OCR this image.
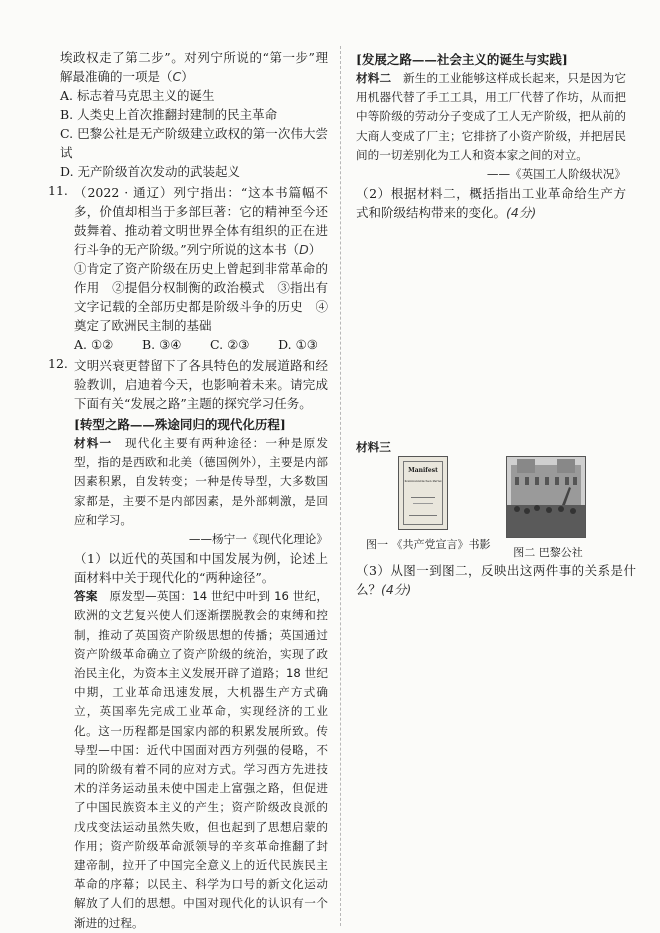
埃政权走了第二步”。对列宁所说的“第一步”理解最准确的一项是（C）

A. 标志着马克思主义的诞生

B. 人类史上首次推翻封建制的民主革命

C. 巴黎公社是无产阶级建立政权的第一次伟大尝试

D. 无产阶级首次发动的武装起义

11. （2022 · 通辽）列宁指出：“这本书篇幅不多，价值却相当于多部巨著：它的精神至今还鼓舞着、推动着文明世界全体有组织的正在进行斗争的无产阶级。”列宁所说的这本书（D）

①肯定了资产阶级在历史上曾起到非常革命的作用　②提倡分权制衡的政治模式　③指出有文字记载的全部历史都是阶级斗争的历史　④奠定了欧洲民主制的基础

A. ①② B. ③④ C. ②③ D. ①③

12. 文明兴衰更替留下了各具特色的发展道路和经验教训，启迪着今天，也影响着未来。请完成下面有关“发展之路”主题的探究学习任务。

[转型之路——殊途同归的现代化历程]

材料一　现代化主要有两种途径：一种是原发型，指的是西欧和北美（德国例外），主要是内部因素积累，自发转变；一种是传导型，大多数国家都是，主要不是内部因素，是外部刺激，是回应和学习。

——杨宁一《现代化理论》

（1）以近代的英国和中国发展为例，论述上面材料中关于现代化的“两种途径”。

答案　原发型—英国：14 世纪中叶到 16 世纪，欧洲的文艺复兴使人们逐渐摆脱教会的束缚和控制，推动了英国资产阶级思想的传播；英国通过资产阶级革命确立了资产阶级的统治，实现了政治民主化，为资本主义发展开辟了道路；18 世纪中期，工业革命迅速发展，大机器生产方式确立，英国率先完成工业革命，实现经济的工业化。这一历程都是国家内部的积累发展所致。传导型—中国：近代中国面对西方列强的侵略，不同的阶级有着不同的应对方式。学习西方先进技术的洋务运动虽未使中国走上富强之路，但促进了中国民族资本主义的产生；资产阶级改良派的戊戌变法运动虽然失败，但也起到了思想启蒙的作用；资产阶级革命派领导的辛亥革命推翻了封建帝制，拉开了中国完全意义上的近代民族民主革命的序幕；以民主、科学为口号的新文化运动解放了人们的思想。中国对现代化的认识有一个渐进的过程。

[发展之路——社会主义的诞生与实践]

材料二　新生的工业能够这样成长起来，只是因为它用机器代替了手工工具，用工厂代替了作坊，从而把中等阶级的劳动分子变成了工人无产阶级，把从前的大商人变成了厂主；它排挤了小资产阶级，并把居民间的一切差别化为工人和资本家之间的对立。

——《英国工人阶级状况》

（2）根据材料二，概括指出工业革命给生产方式和阶级结构带来的变化。(4分)

材料三

Manifest
Kommunistischen Partei
图一 《共产党宣言》书影
图二 巴黎公社

（3）从图一到图二，反映出这两件事的关系是什么？(4分)
